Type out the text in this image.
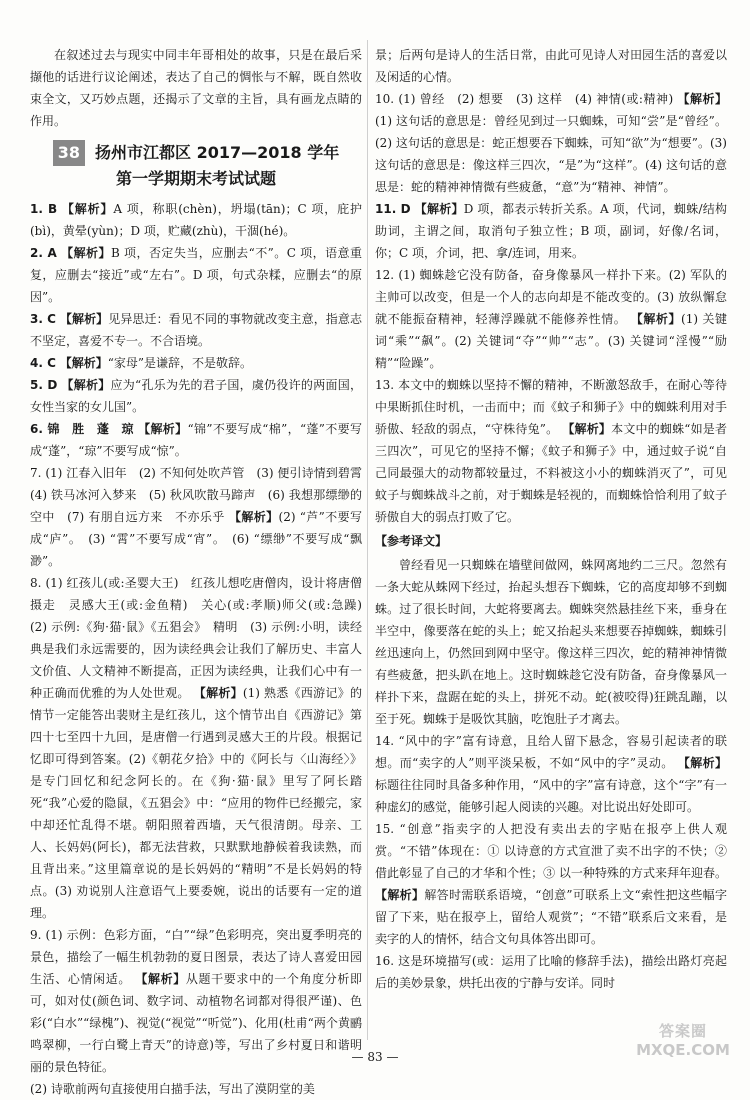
在叙述过去与现实中同丰年哥相处的故事，只是在最后采撷他的话进行议论阐述，表达了自己的惆怅与不解，既自然收束全文，又巧妙点题，还揭示了文章的主旨，具有画龙点睛的作用。

38 扬州市江都区 2017—2018 学年
第一学期期末考试试题

1. B 【解析】A 项，称职(chèn)，坍塌(tān)；C 项，庇护(bì)，黄晕(yùn)；D 项，贮藏(zhù)，干涸(hé)。

2. A 【解析】B 项，否定失当，应删去“不”。C 项，语意重复，应删去“接近”或“左右”。D 项，句式杂糅，应删去“的原因”。

3. C 【解析】见异思迁：看见不同的事物就改变主意，指意志不坚定，喜爱不专一。不合语境。

4. C 【解析】“家母”是谦辞，不是敬辞。

5. D 【解析】应为“孔乐为先的君子国，虞仍役许的两面国，女性当家的女儿国”。

6. 锦　胜　蓬　琼 【解析】“锦”不要写成“棉”，“蓬”不要写成“蓬”，“琼”不要写成“惊”。

7. (1) 江春入旧年　(2) 不知何处吹芦管　(3) 便引诗情到碧霄　(4) 铁马冰河入梦来　(5) 秋风吹散马蹄声　(6) 我想那缥缈的空中　(7) 有朋自远方来　不亦乐乎 【解析】(2) “芦”不要写成“庐”。　(3) “霄”不要写成“宵”。　(6) “缥缈”不要写成“飘渺”。

8. (1) 红孩儿(或:圣婴大王)　红孩儿想吃唐僧肉，设计将唐僧摄走　灵感大王(或:金鱼精)　关心(或:孝顺)师父(或:急躁)　(2) 示例:《狗·猫·鼠》《五猖会》　精明　(3) 示例:小明，读经典是我们永远需要的，因为读经典会让我们了解历史、丰富人文价值、人文精神不断提高，正因为读经典，让我们心中有一种正确而优雅的为人处世观。 【解析】(1) 熟悉《西游记》的情节一定能答出裴财主是红孩儿，这个情节出自《西游记》第四十七至四十九回，是唐僧一行遇到灵感大王的片段。根据记忆即可得到答案。(2)《朝花夕拾》中的《阿长与〈山海经〉》是专门回忆和纪念阿长的。在《狗·猫·鼠》里写了阿长踏死“我”心爱的隐鼠，《五猖会》中：“应用的物件已经搬完，家中却还忙乱得不堪。朝阳照着西墙，天气很清朗。母亲、工人、长妈妈(阿长)，都无法营救，只默默地静候着我读熟，而且背出来。”这里篇章说的是长妈妈的“精明”不是长妈妈的特点。(3) 劝说别人注意语气上要委婉，说出的话要有一定的道理。

9. (1) 示例：色彩方面，“白”“绿”色彩明亮，突出夏季明亮的景色，描绘了一幅生机勃勃的夏日图景，表达了诗人喜爱田园生活、心情闲适。 【解析】从题干要求中的一个角度分析即可，如对仗(颜色词、数字词、动植物名词都对得很严谨)、色彩(“白水”“绿槐”)、视觉(“视觉”“听觉”)、化用(杜甫“两个黄鹂鸣翠柳，一行白鹭上青天”的诗意)等，写出了乡村夏日和谐明丽的景色特征。

(2) 诗歌前两句直接使用白描手法，写出了漠阴堂的美

景；后两句是诗人的生活日常，由此可见诗人对田园生活的喜爱以及闲适的心情。

10. (1) 曾经　(2) 想要　(3) 这样　(4) 神情(或:精神) 【解析】(1) 这句话的意思是：曾经见到过一只蜘蛛，可知“尝”是“曾经”。(2) 这句话的意思是：蛇正想要吞下蜘蛛，可知“欲”为“想要”。(3) 这句话的意思是：像这样三四次，“是”为“这样”。(4) 这句话的意思是：蛇的精神神情微有些疲惫，“意”为“精神、神情”。

11. D 【解析】D 项，都表示转折关系。A 项，代词，蜘蛛/结构助词，主谓之间，取消句子独立性；B 项，副词，好像/名词，你；C 项，介词，把、拿/连词，用来。

12. (1) 蜘蛛趁它没有防备，奋身像暴风一样扑下来。(2) 军队的主帅可以改变，但是一个人的志向却是不能改变的。(3) 放纵懈怠就不能振奋精神，轻薄浮躁就不能修养性情。 【解析】(1) 关键词“乘”“飙”。(2) 关键词“夺”“帅”“志”。(3) 关键词“淫慢”“励精”“险躁”。

13. 本文中的蜘蛛以坚持不懈的精神，不断激怒敌手，在耐心等待中果断抓住时机，一击而中；而《蚊子和狮子》中的蜘蛛利用对手骄傲、轻敌的弱点，“守株待兔”。 【解析】本文中的蜘蛛“如是者三四次”，可见它的坚持不懈；《蚊子和狮子》中，通过蚊子说“自己同最强大的动物都较量过，不料被这小小的蜘蛛消灭了”，可见蚊子与蜘蛛战斗之前，对于蜘蛛是轻视的，而蜘蛛恰恰利用了蚊子骄傲自大的弱点打败了它。

【参考译文】

曾经看见一只蜘蛛在墙壁间做网，蛛网离地约二三尺。忽然有一条大蛇从蛛网下经过，抬起头想吞下蜘蛛，它的高度却够不到蜘蛛。过了很长时间，大蛇将要离去。蜘蛛突然悬挂丝下来，垂身在半空中，像要落在蛇的头上；蛇又抬起头来想要吞掉蜘蛛，蜘蛛引丝迅速向上，仍然回到网中坚守。像这样三四次，蛇的精神神情微有些疲惫，把头趴在地上。这时蜘蛛趁它没有防备，奋身像暴风一样扑下来，盘踞在蛇的头上，拼死不动。蛇(被咬得)狂跳乱蹦，以至于死。蜘蛛于是吸饮其脑，吃饱肚子才离去。

14. “风中的字”富有诗意，且给人留下悬念，容易引起读者的联想。而“卖字的人”则平淡呆板，不如“风中的字”灵动。 【解析】标题往往同时具备多种作用，“风中的字”富有诗意，这个“字”有一种虚幻的感觉，能够引起人阅读的兴趣。对比说出好处即可。

15. “创意”指卖字的人把没有卖出去的字贴在报亭上供人观赏。“不错”体现在：① 以诗意的方式宣泄了卖不出字的不快；② 借此彰显了自己的才华和个性；③ 以一种特殊的方式来拜年迎春。 【解析】解答时需联系语境，“创意”可联系上文“索性把这些幅字留了下来，贴在报亭上，留给人观赏”；“不错”联系后文来看，是卖字的人的情怀，结合文句具体答出即可。

16. 这是环境描写(或：运用了比喻的修辞手法)，描绘出路灯亮起后的美妙景象，烘托出夜的宁静与安详。同时

— 83 —
答案圈
MXQE.COM
